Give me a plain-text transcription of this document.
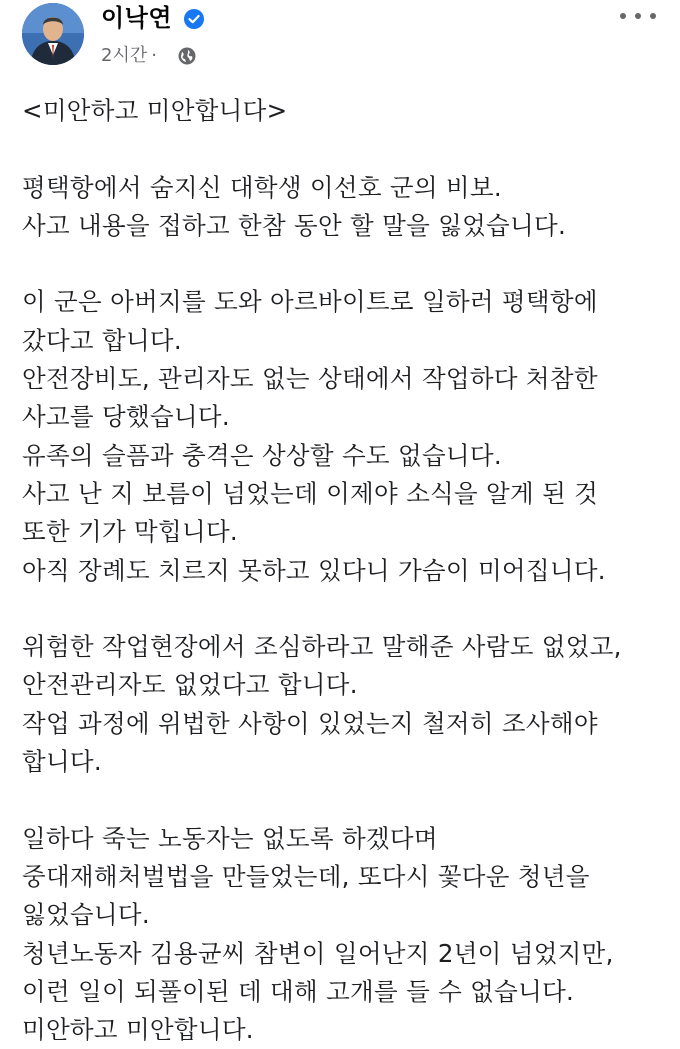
이낙연
2시간 ·
<미안하고 미안합니다>
평택항에서 숨지신 대학생 이선호 군의 비보.
사고 내용을 접하고 한참 동안 할 말을 잃었습니다.
이 군은 아버지를 도와 아르바이트로 일하러 평택항에
갔다고 합니다.
안전장비도, 관리자도 없는 상태에서 작업하다 처참한
사고를 당했습니다.
유족의 슬픔과 충격은 상상할 수도 없습니다.
사고 난 지 보름이 넘었는데 이제야 소식을 알게 된 것
또한 기가 막힙니다.
아직 장례도 치르지 못하고 있다니 가슴이 미어집니다.
위험한 작업현장에서 조심하라고 말해준 사람도 없었고,
안전관리자도 없었다고 합니다.
작업 과정에 위법한 사항이 있었는지 철저히 조사해야
합니다.
일하다 죽는 노동자는 없도록 하겠다며
중대재해처벌법을 만들었는데, 또다시 꽃다운 청년을
잃었습니다.
청년노동자 김용균씨 참변이 일어난지 2년이 넘었지만,
이런 일이 되풀이된 데 대해 고개를 들 수 없습니다.
미안하고 미안합니다.
